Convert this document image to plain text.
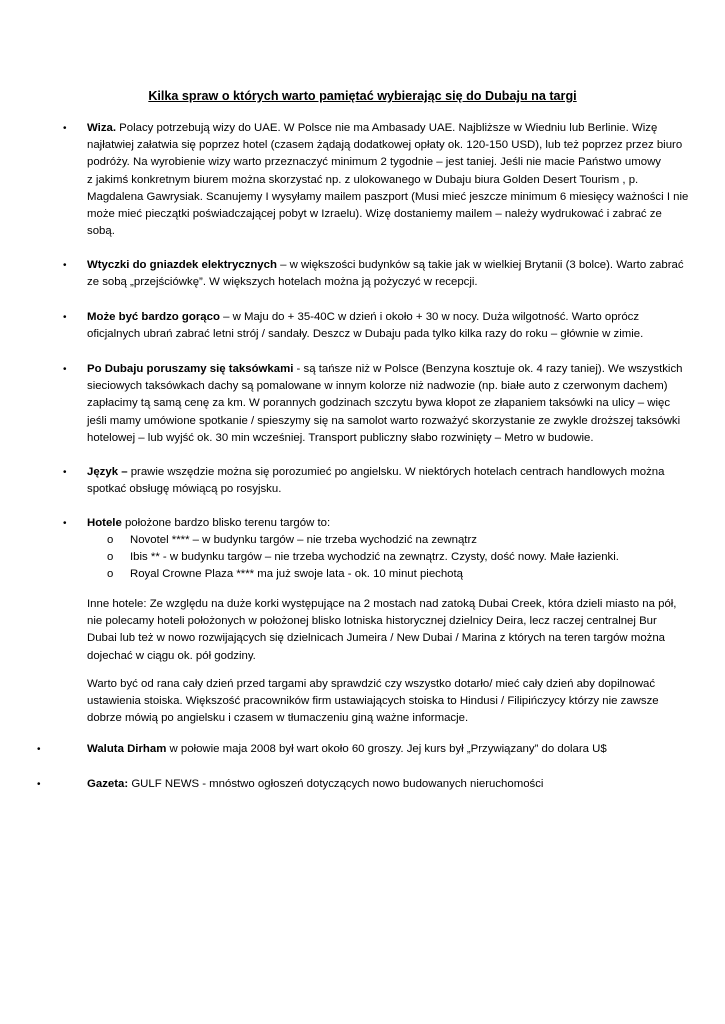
Kilka spraw o których warto pamiętać wybierając się do Dubaju na targi
• Wiza. Polacy potrzebują wizy do UAE. W Polsce nie ma Ambasady UAE. Najbliższe w Wiedniu lub Berlinie. Wizę
najłatwiej załatwia się poprzez hotel (czasem żądają dodatkowej opłaty ok. 120-150 USD), lub też poprzez przez biuro
podróży. Na wyrobienie wizy warto przeznaczyć minimum 2 tygodnie – jest taniej. Jeśli nie macie Państwo umowy
z jakimś konkretnym biurem można skorzystać np. z ulokowanego w Dubaju biura Golden Desert Tourism , p.
Magdalena Gawrysiak. Scanujemy I wysyłamy mailem paszport (Musi mieć jeszcze minimum 6 miesięcy ważności I nie
może mieć pieczątki poświadczającej pobyt w Izraelu). Wizę dostaniemy mailem – należy wydrukować i zabrać ze
sobą.
• Wtyczki do gniazdek elektrycznych – w większości budynków są takie jak w wielkiej Brytanii (3 bolce). Warto zabrać
ze sobą „przejściówkę”. W większych hotelach można ją pożyczyć w recepcji.
• Może być bardzo gorąco – w Maju do + 35-40C w dzień i około + 30 w nocy. Duża wilgotność. Warto oprócz
oficjalnych ubrań zabrać letni strój / sandały. Deszcz w Dubaju pada tylko kilka razy do roku – głównie w zimie.
• Po Dubaju poruszamy się taksówkami - są tańsze niż w Polsce (Benzyna kosztuje ok. 4 razy taniej). We wszystkich
sieciowych taksówkach dachy są pomalowane w innym kolorze niż nadwozie (np. białe auto z czerwonym dachem)
zapłacimy tą samą cenę za km. W porannych godzinach szczytu bywa kłopot ze złapaniem taksówki na ulicy – więc
jeśli mamy umówione spotkanie / spieszymy się na samolot warto rozważyć skorzystanie ze zwykle droższej taksówki
hotelowej – lub wyjść ok. 30 min wcześniej. Transport publiczny słabo rozwinięty – Metro w budowie.
• Język – prawie wszędzie można się porozumieć po angielsku. W niektórych hotelach centrach handlowych można
spotkać obsługę mówiącą po rosyjsku.
• Hotele położone bardzo blisko terenu targów to:
o Novotel **** – w budynku targów – nie trzeba wychodzić na zewnątrz
o Ibis ** - w budynku targów – nie trzeba wychodzić na zewnątrz. Czysty, dość nowy. Małe łazienki.
o Royal Crowne Plaza **** ma już swoje lata - ok. 10 minut piechotą
Inne hotele: Ze względu na duże korki występujące na 2 mostach nad zatoką Dubai Creek, która dzieli miasto na pół,
nie polecamy hoteli położonych w położonej blisko lotniska historycznej dzielnicy Deira, lecz raczej centralnej Bur
Dubai lub też w nowo rozwijających się dzielnicach Jumeira / New Dubai / Marina z których na teren targów można
dojechać w ciągu ok. pół godziny.
Warto być od rana cały dzień przed targami aby sprawdzić czy wszystko dotarło/ mieć cały dzień aby dopilnować
ustawienia stoiska. Większość pracowników firm ustawiających stoiska to Hindusi / Filipińczycy którzy nie zawsze
dobrze mówią po angielsku i czasem w tłumaczeniu giną ważne informacje.
•	Waluta Dirham w połowie maja 2008 był wart około 60 groszy. Jej kurs był „Przywiązany” do dolara U$
•	Gazeta: GULF NEWS - mnóstwo ogłoszeń dotyczących nowo budowanych nieruchomości
